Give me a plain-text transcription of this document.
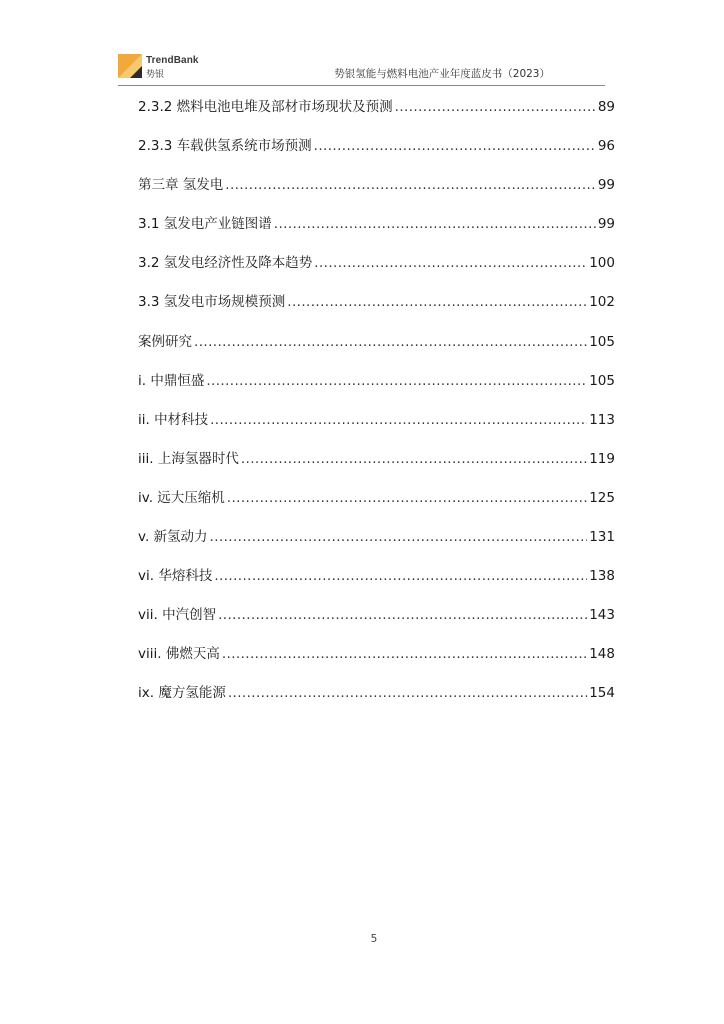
TrendBank
势银	势银氢能与燃料电池产业年度蓝皮书（2023）
2.3.2 燃料电池电堆及部材市场现状及预测 .....	89
2.3.3 车载供氢系统市场预测 .....	96
第三章 氢发电 .....	99
3.1 氢发电产业链图谱 .....	99
3.2 氢发电经济性及降本趋势 .....	100
3.3 氢发电市场规模预测 .....	102
案例研究 .....	105
i. 中鼎恒盛 .....	105
ii. 中材科技 .....	113
iii. 上海氢器时代 .....	119
iv. 远大压缩机 .....	125
v. 新氢动力 .....	131
vi. 华熔科技 .....	138
vii. 中汽创智 .....	143
viii. 佛燃天高 .....	148
ix. 魔方氢能源 .....	154
5
